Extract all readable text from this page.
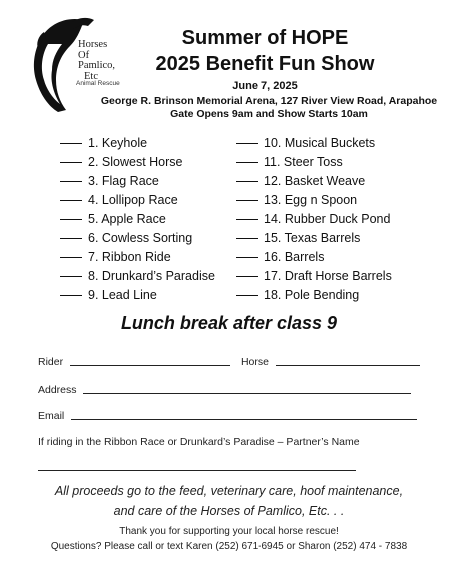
Horses
Of
Pamlico,
Etc
Animal Rescue
Summer of HOPE
2025 Benefit Fun Show
June 7, 2025
George R. Brinson Memorial Arena, 127 River View Road, Arapahoe
Gate Opens 9am and Show Starts 10am
1. Keyhole
2. Slowest Horse
3. Flag Race
4. Lollipop Race
5. Apple Race
6. Cowless Sorting
7. Ribbon Ride
8. Drunkard’s Paradise
9. Lead Line
10. Musical Buckets
11. Steer Toss
12. Basket Weave
13. Egg n Spoon
14. Rubber Duck Pond
15. Texas Barrels
16. Barrels
17. Draft Horse Barrels
18. Pole Bending
Lunch break after class 9
Rider	Horse
Address
Email
If riding in the Ribbon Race or Drunkard’s Paradise – Partner’s Name
All proceeds go to the feed, veterinary care, hoof maintenance,
and care of the Horses of Pamlico, Etc. . .
Thank you for supporting your local horse rescue!
Questions? Please call or text Karen (252) 671-6945 or Sharon (252) 474 - 7838
